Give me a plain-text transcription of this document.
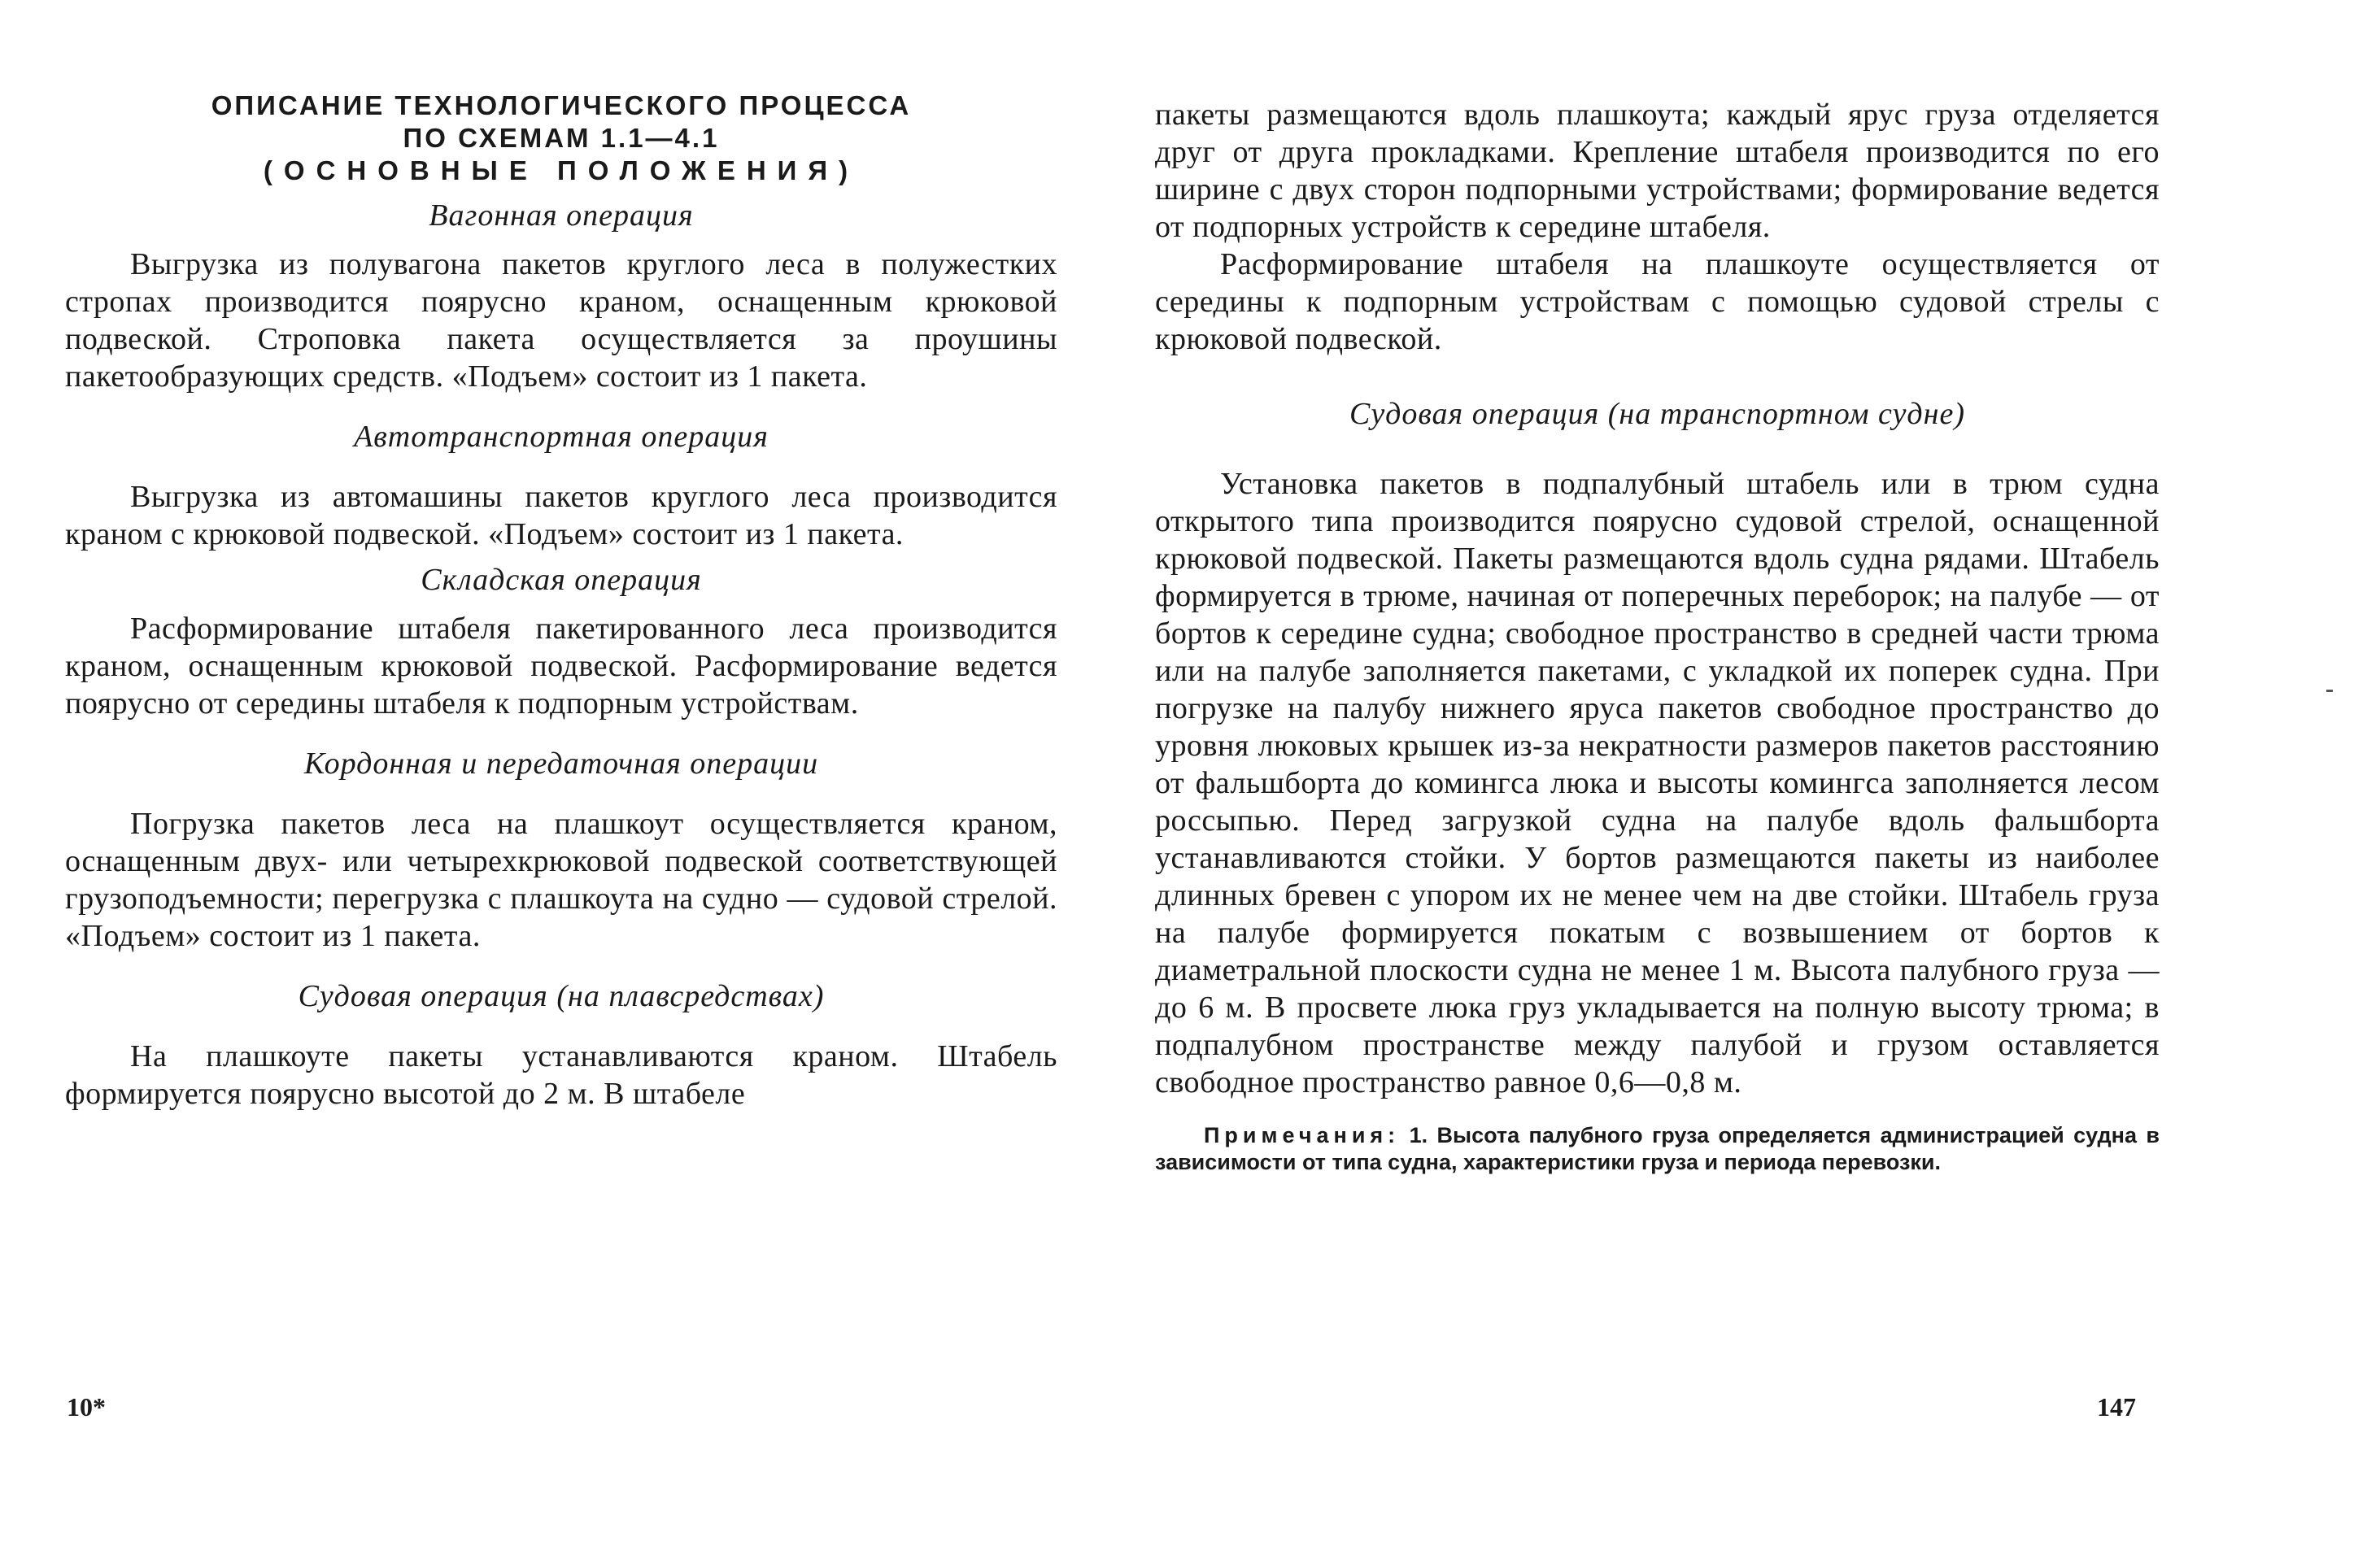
ОПИСАНИЕ ТЕХНОЛОГИЧЕСКОГО ПРОЦЕССА
ПО СХЕМАМ 1.1—4.1
(ОСНОВНЫЕ ПОЛОЖЕНИЯ)
Вагонная операция

Выгрузка из полувагона пакетов круглого леса в полужестких стропах производится поярусно краном, оснащенным крюковой подвеской. Строповка пакета осуществляется за проушины пакетообразующих средств. «Подъем» состоит из 1 пакета.

Автотранспортная операция

Выгрузка из автомашины пакетов круглого леса производится краном с крюковой подвеской. «Подъем» состоит из 1 пакета.

Складская операция

Расформирование штабеля пакетированного леса производится краном, оснащенным крюковой подвеской. Расформирование ведется поярусно от середины штабеля к подпорным устройствам.

Кордонная и передаточная операции

Погрузка пакетов леса на плашкоут осуществляется краном, оснащенным двух- или четырехкрюковой подвеской соответствующей грузоподъемности; перегрузка с плашкоута на судно — судовой стрелой. «Подъем» состоит из 1 пакета.

Судовая операция (на плавсредствах)

На плашкоуте пакеты устанавливаются краном. Штабель формируется поярусно высотой до 2 м. В штабеле

пакеты размещаются вдоль плашкоута; каждый ярус груза отделяется друг от друга прокладками. Крепление штабеля производится по его ширине с двух сторон подпорными устройствами; формирование ведется от подпорных устройств к середине штабеля.

Расформирование штабеля на плашкоуте осуществляется от середины к подпорным устройствам с помощью судовой стрелы с крюковой подвеской.

Судовая операция (на транспортном судне)

Установка пакетов в подпалубный штабель или в трюм судна открытого типа производится поярусно судовой стрелой, оснащенной крюковой подвеской. Пакеты размещаются вдоль судна рядами. Штабель формируется в трюме, начиная от поперечных переборок; на палубе — от бортов к середине судна; свободное пространство в средней части трюма или на палубе заполняется пакетами, с укладкой их поперек судна. При погрузке на палубу нижнего яруса пакетов свободное пространство до уровня люковых крышек из-за некратности размеров пакетов расстоянию от фальшборта до комингса люка и высоты комингса заполняется лесом россыпью. Перед загрузкой судна на палубе вдоль фальшборта устанавливаются стойки. У бортов размещаются пакеты из наиболее длинных бревен с упором их не менее чем на две стойки. Штабель груза на палубе формируется покатым с возвышением от бортов к диаметральной плоскости судна не менее 1 м. Высота палубного груза — до 6 м. В просвете люка груз укладывается на полную высоту трюма; в подпалубном пространстве между палубой и грузом оставляется свободное пространство равное 0,6—0,8 м.

Примечания: 1. Высота палубного груза определяется администрацией судна в зависимости от типа судна, характеристики груза и периода перевозки.
10*	147
